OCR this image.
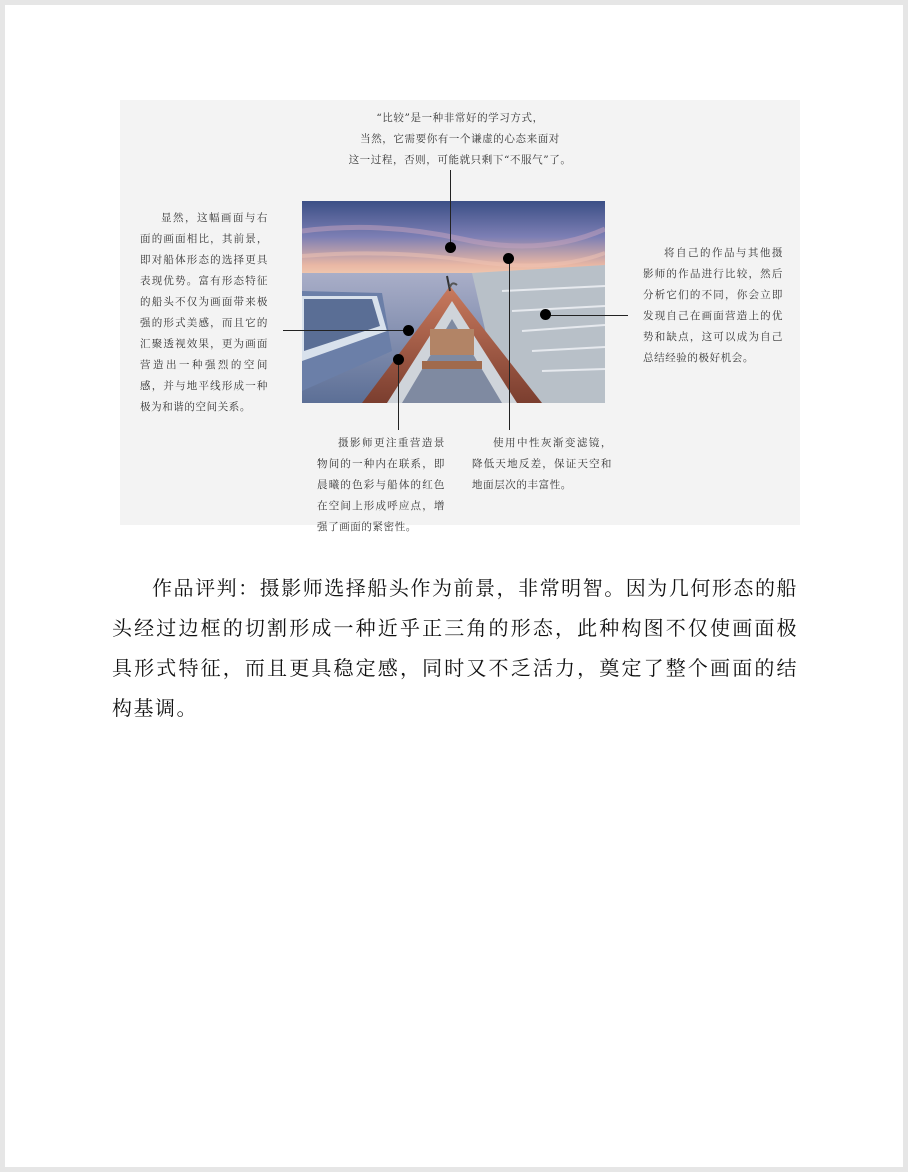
“比较”是一种非常好的学习方式，
当然，它需要你有一个谦虚的心态来面对
这一过程，否则，可能就只剩下“不服气”了。
显然，这幅画面与右面的画面相比，其前景，即对船体形态的选择更具表现优势。富有形态特征的船头不仅为画面带来极强的形式美感，而且它的汇聚透视效果，更为画面营造出一种强烈的空间感，并与地平线形成一种极为和谐的空间关系。
将自己的作品与其他摄影师的作品进行比较，然后分析它们的不同，你会立即发现自己在画面营造上的优势和缺点，这可以成为自己总结经验的极好机会。
摄影师更注重营造景物间的一种内在联系，即晨曦的色彩与船体的红色在空间上形成呼应点，增强了画面的紧密性。
使用中性灰渐变滤镜，降低天地反差，保证天空和地面层次的丰富性。

作品评判：摄影师选择船头作为前景，非常明智。因为几何形态的船头经过边框的切割形成一种近乎正三角的形态，此种构图不仅使画面极具形式特征，而且更具稳定感，同时又不乏活力，奠定了整个画面的结构基调。
